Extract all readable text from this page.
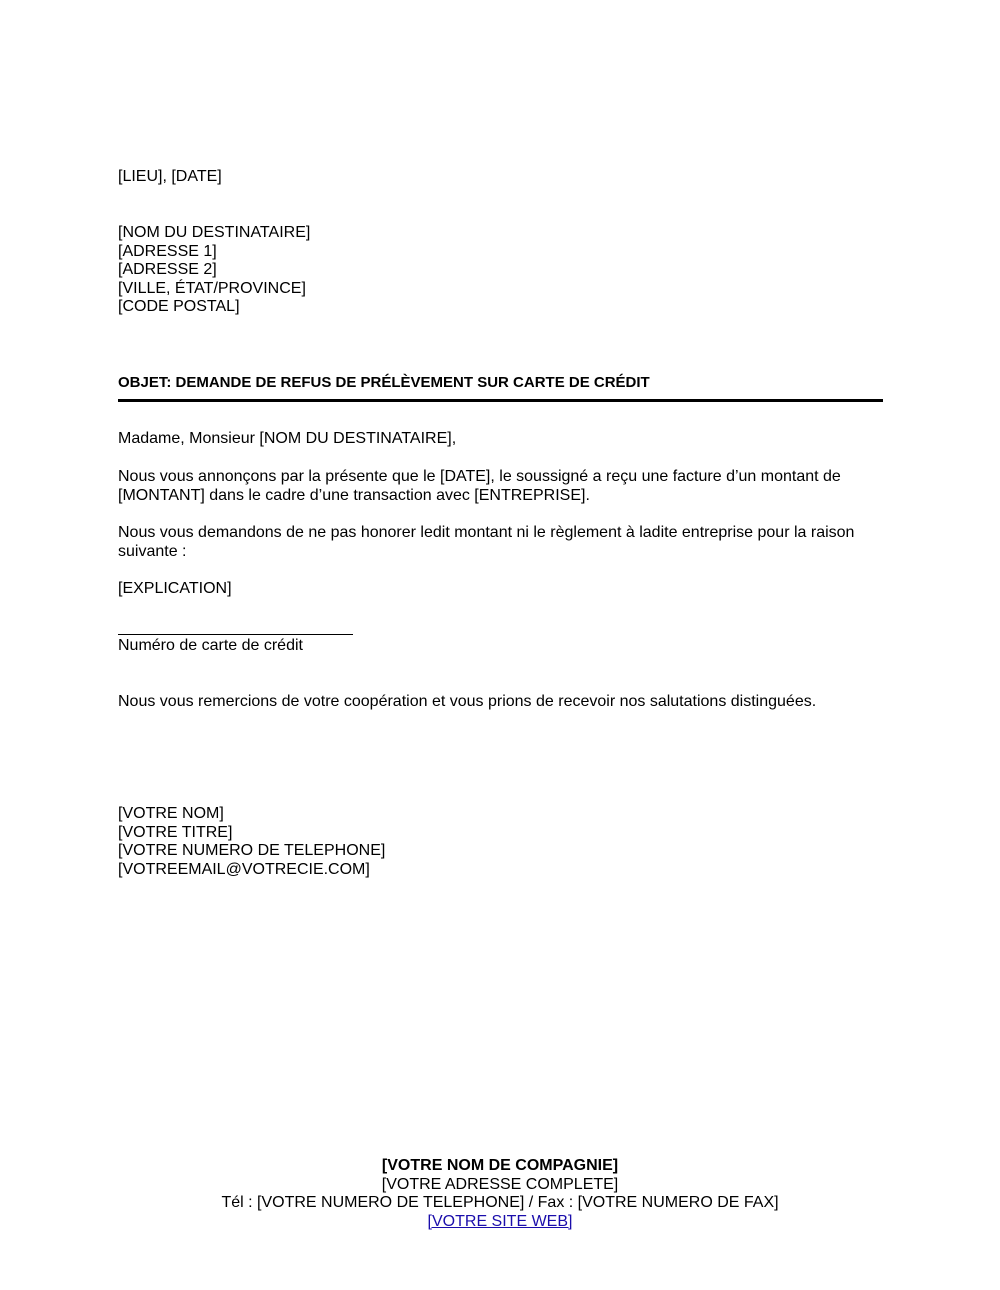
[LIEU], [DATE]
[NOM DU DESTINATAIRE]
[ADRESSE 1]
[ADRESSE 2]
[VILLE, ÉTAT/PROVINCE]
[CODE POSTAL]
OBJET: DEMANDE DE REFUS DE PRÉLÈVEMENT SUR CARTE DE CRÉDIT
Madame, Monsieur [NOM DU DESTINATAIRE],
Nous vous annonçons par la présente que le [DATE], le soussigné a reçu une facture d’un montant de
[MONTANT] dans le cadre d’une transaction avec [ENTREPRISE].
Nous vous demandons de ne pas honorer ledit montant ni le règlement à ladite entreprise pour la raison
suivante :
[EXPLICATION]
Numéro de carte de crédit
Nous vous remercions de votre coopération et vous prions de recevoir nos salutations distinguées.
[VOTRE NOM]
[VOTRE TITRE]
[VOTRE NUMERO DE TELEPHONE]
[VOTREEMAIL@VOTRECIE.COM]
[VOTRE NOM DE COMPAGNIE]
[VOTRE ADRESSE COMPLETE]
Tél : [VOTRE NUMERO DE TELEPHONE] / Fax : [VOTRE NUMERO DE FAX]
[VOTRE SITE WEB]
